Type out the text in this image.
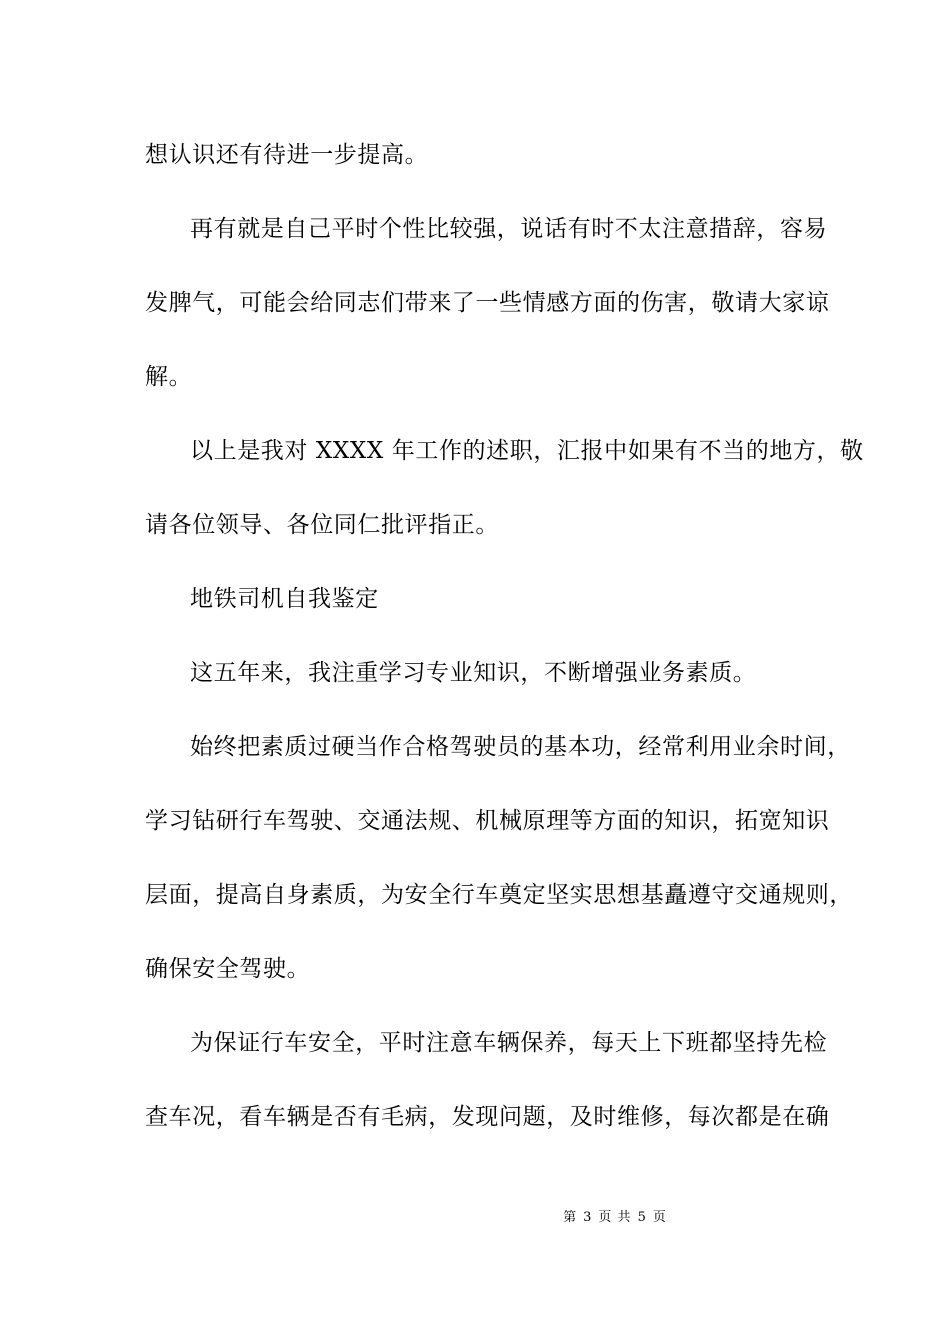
想认识还有待进一步提高。
再有就是自己平时个性比较强，说话有时不太注意措辞，容易
发脾气，可能会给同志们带来了一些情感方面的伤害，敬请大家谅
解。
以上是我对 XXXX 年工作的述职，汇报中如果有不当的地方，敬
请各位领导、各位同仁批评指正。
地铁司机自我鉴定
这五年来，我注重学习专业知识，不断增强业务素质。
始终把素质过硬当作合格驾驶员的基本功，经常利用业余时间，
学习钻研行车驾驶、交通法规、机械原理等方面的知识，拓宽知识
层面，提高自身素质，为安全行车奠定坚实思想基矗遵守交通规则，
确保安全驾驶。
为保证行车安全，平时注意车辆保养，每天上下班都坚持先检
查车况，看车辆是否有毛病，发现问题，及时维修，每次都是在确
第 3 页 共 5 页
